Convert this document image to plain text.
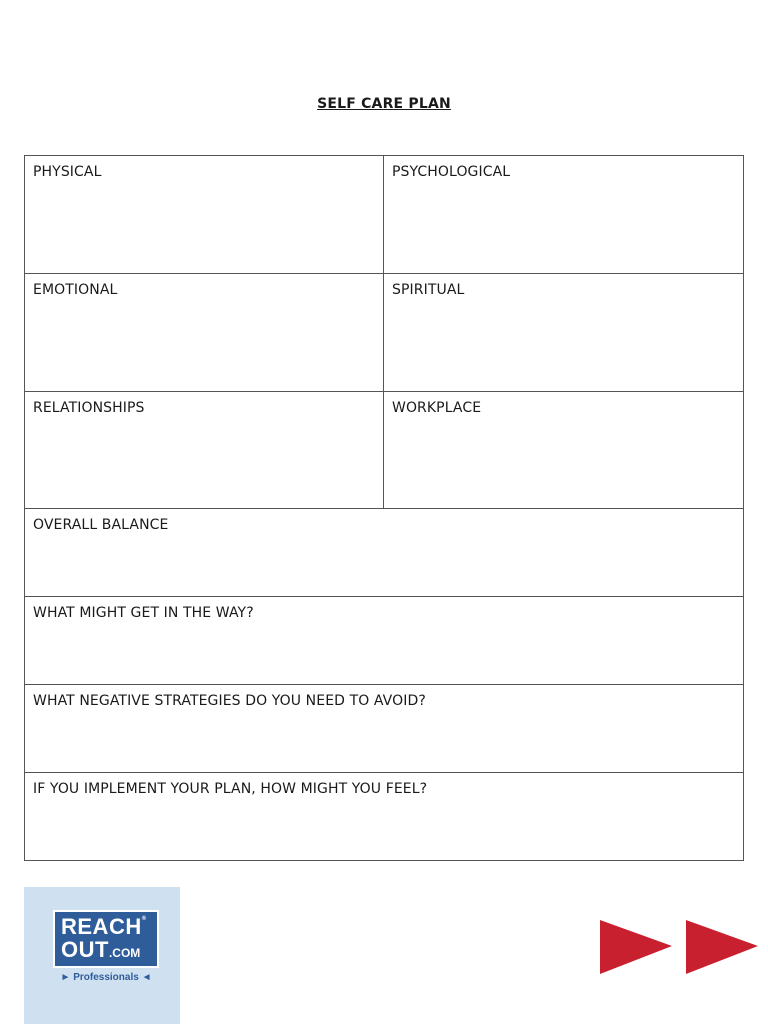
SELF CARE PLAN
PHYSICAL	PSYCHOLOGICAL
EMOTIONAL	SPIRITUAL
RELATIONSHIPS	WORKPLACE
OVERALL BALANCE
WHAT MIGHT GET IN THE WAY?
WHAT NEGATIVE STRATEGIES DO YOU NEED TO AVOID?
IF YOU IMPLEMENT YOUR PLAN, HOW MIGHT YOU FEEL?
REACH®
OUT.COM
► Professionals ◄
